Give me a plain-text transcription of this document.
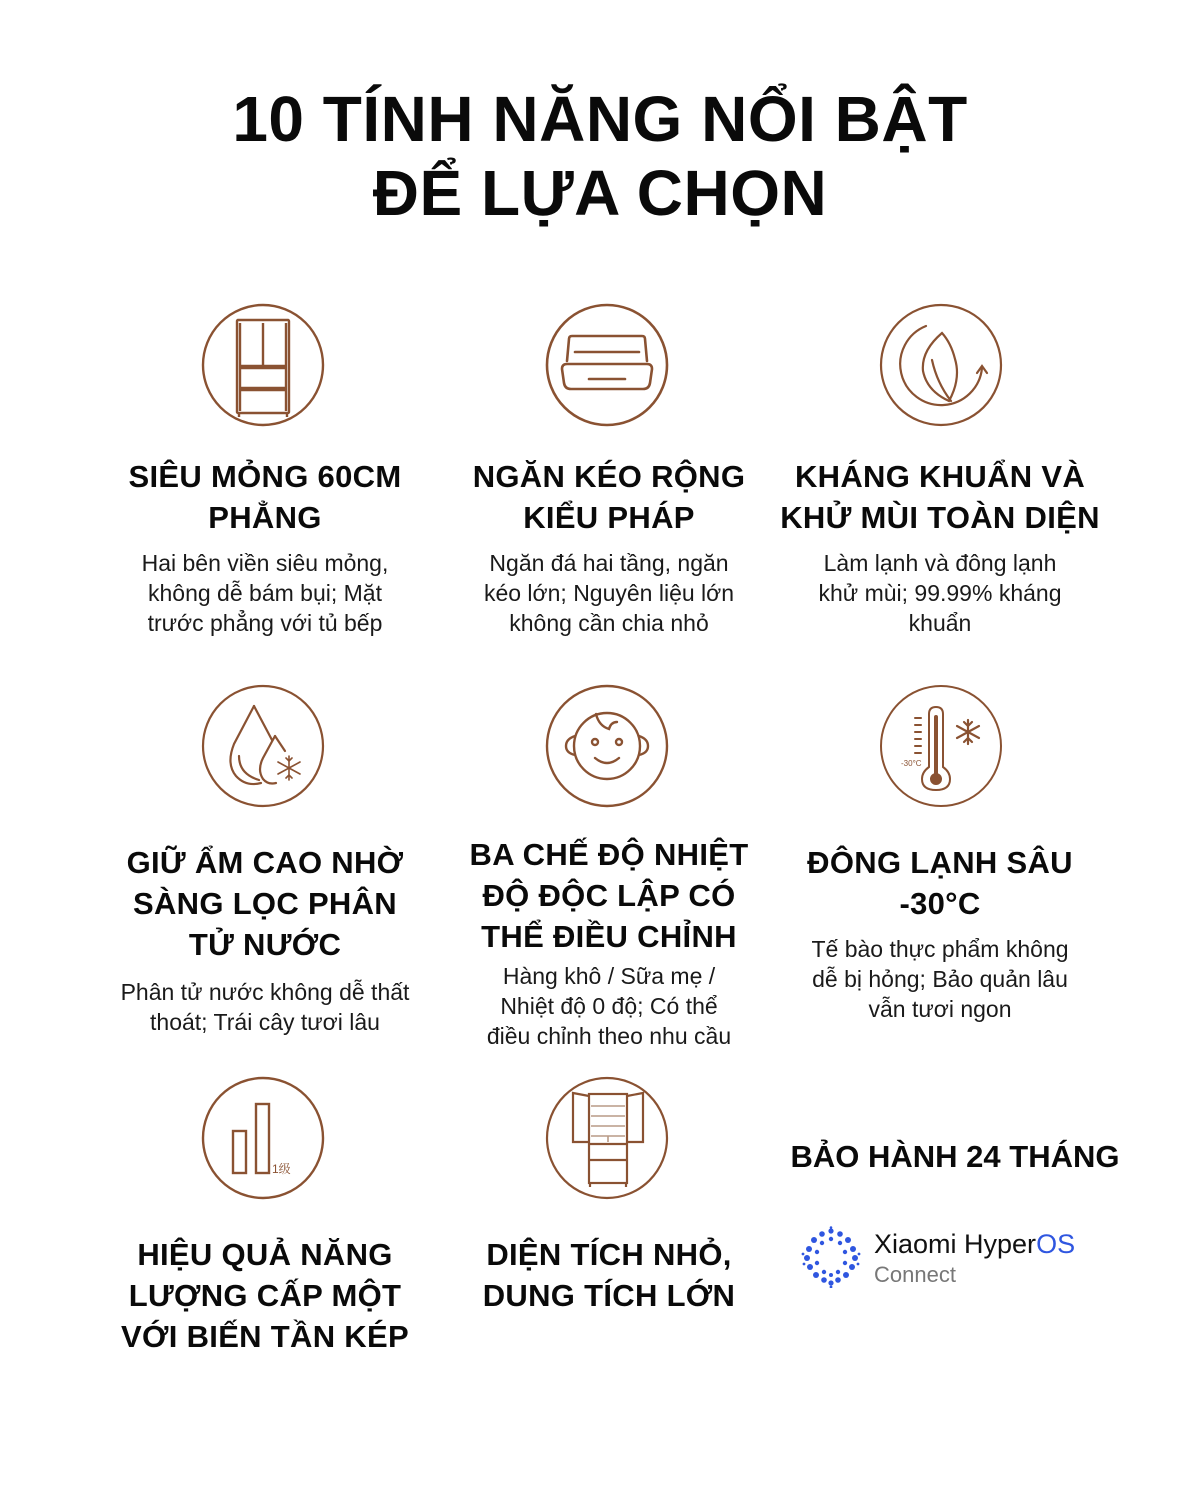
10 TÍNH NĂNG NỔI BẬT
ĐỂ LỰA CHỌN
SIÊU MỎNG 60CM
PHẲNG
Hai bên viền siêu mỏng,
không dễ bám bụi; Mặt
trước phẳng với tủ bếp
NGĂN KÉO RỘNG
KIỂU PHÁP
Ngăn đá hai tầng, ngăn
kéo lớn; Nguyên liệu lớn
không cần chia nhỏ
KHÁNG KHUẨN VÀ
KHỬ MÙI TOÀN DIỆN
Làm lạnh và đông lạnh
khử mùi; 99.99% kháng
khuẩn
GIỮ ẨM CAO NHỜ
SÀNG LỌC PHÂN
TỬ NƯỚC
Phân tử nước không dễ thất
thoát; Trái cây tươi lâu
BA CHẾ ĐỘ NHIỆT
ĐỘ ĐỘC LẬP CÓ
THỂ ĐIỀU CHỈNH
Hàng khô / Sữa mẹ /
Nhiệt độ 0 độ; Có thể
điều chỉnh theo nhu cầu
-30°C
ĐÔNG LẠNH SÂU
-30°C
Tế bào thực phẩm không
dễ bị hỏng; Bảo quản lâu
vẫn tươi ngon
1级
HIỆU QUẢ NĂNG
LƯỢNG CẤP MỘT
VỚI BIẾN TẦN KÉP
DIỆN TÍCH NHỎ,
DUNG TÍCH LỚN
BẢO HÀNH 24 THÁNG
Xiaomi HyperOS
Connect
